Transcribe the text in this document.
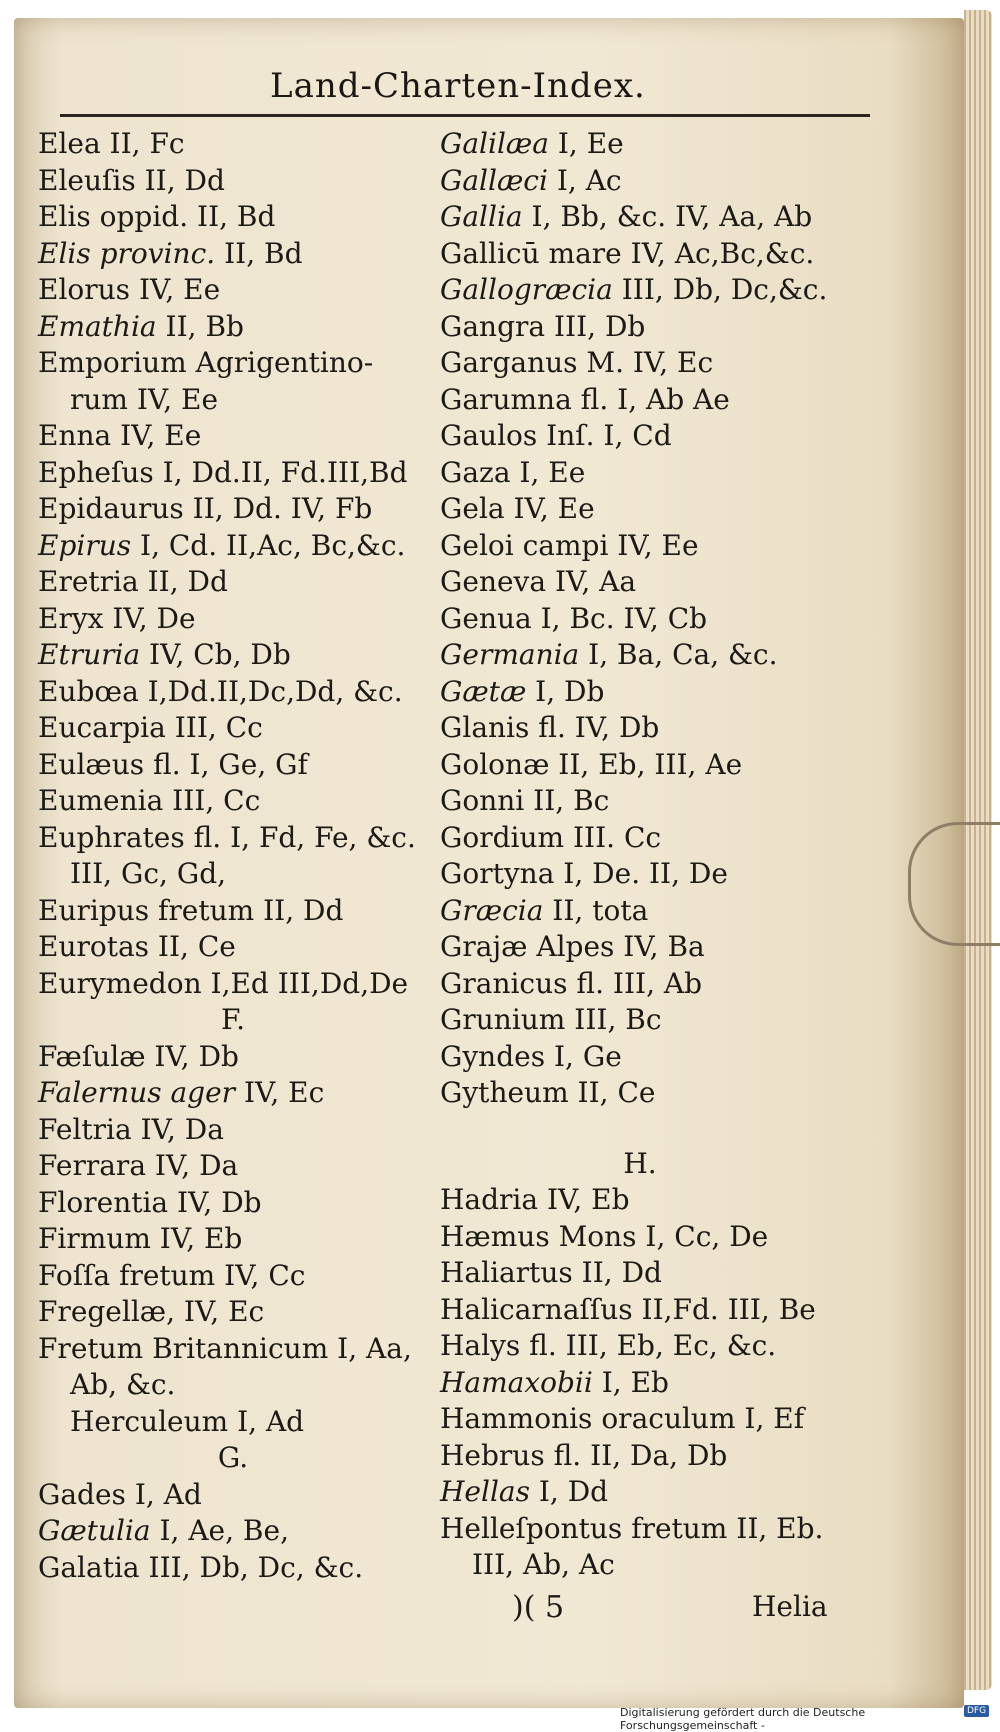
Land-Charten-Index.
Elea II, Fc
Eleuſis II, Dd
Elis oppid. II, Bd
Elis provinc. II, Bd
Elorus IV, Ee
Emathia II, Bb
Emporium Agrigentino-
rum IV, Ee
Enna IV, Ee
Epheſus I, Dd.II, Fd.III,Bd
Epidaurus II, Dd. IV, Fb
Epirus I, Cd. II,Ac, Bc,&c.
Eretria II, Dd
Eryx IV, De
Etruria IV, Cb, Db
Eubœa I,Dd.II,Dc,Dd, &c.
Eucarpia III, Cc
Eulæus fl. I, Ge, Gf
Eumenia III, Cc
Euphrates fl. I, Fd, Fe, &c.
III, Gc, Gd,
Euripus fretum II, Dd
Eurotas II, Ce
Eurymedon I,Ed III,Dd,De
F.
Fæſulæ IV, Db
Falernus ager IV, Ec
Feltria IV, Da
Ferrara IV, Da
Florentia IV, Db
Firmum IV, Eb
Foſſa fretum IV, Cc
Fregellæ, IV, Ec
Fretum Britannicum I, Aa,
Ab, &c.
Herculeum I, Ad
G.
Gades I, Ad
Gætulia I, Ae, Be,
Galatia III, Db, Dc, &c.
Galilæa I, Ee
Gallæci I, Ac
Gallia I, Bb, &c. IV, Aa, Ab
Gallicū mare IV, Ac,Bc,&c.
Gallogræcia III, Db, Dc,&c.
Gangra III, Db
Garganus M. IV, Ec
Garumna fl. I, Ab Ae
Gaulos Inſ. I, Cd
Gaza I, Ee
Gela IV, Ee
Geloi campi IV, Ee
Geneva IV, Aa
Genua I, Bc. IV, Cb
Germania I, Ba, Ca, &c.
Gætæ I, Db
Glanis fl. IV, Db
Golonæ II, Eb, III, Ae
Gonni II, Bc
Gordium III. Cc
Gortyna I, De. II, De
Græcia II, tota
Grajæ Alpes IV, Ba
Granicus fl. III, Ab
Grunium III, Bc
Gyndes I, Ge
Gytheum II, Ce
H.
Hadria IV, Eb
Hæmus Mons I, Cc, De
Haliartus II, Dd
Halicarnaſſus II,Fd. III, Be
Halys fl. III, Eb, Ec, &c.
Hamaxobii I, Eb
Hammonis oraculum I, Ef
Hebrus fl. II, Da, Db
Hellas I, Dd
Helleſpontus fretum II, Eb.
III, Ab, Ac
)( 5	Helia
Digitalisierung gefördert durch die Deutsche Forschungsgemeinschaft -
DFG
